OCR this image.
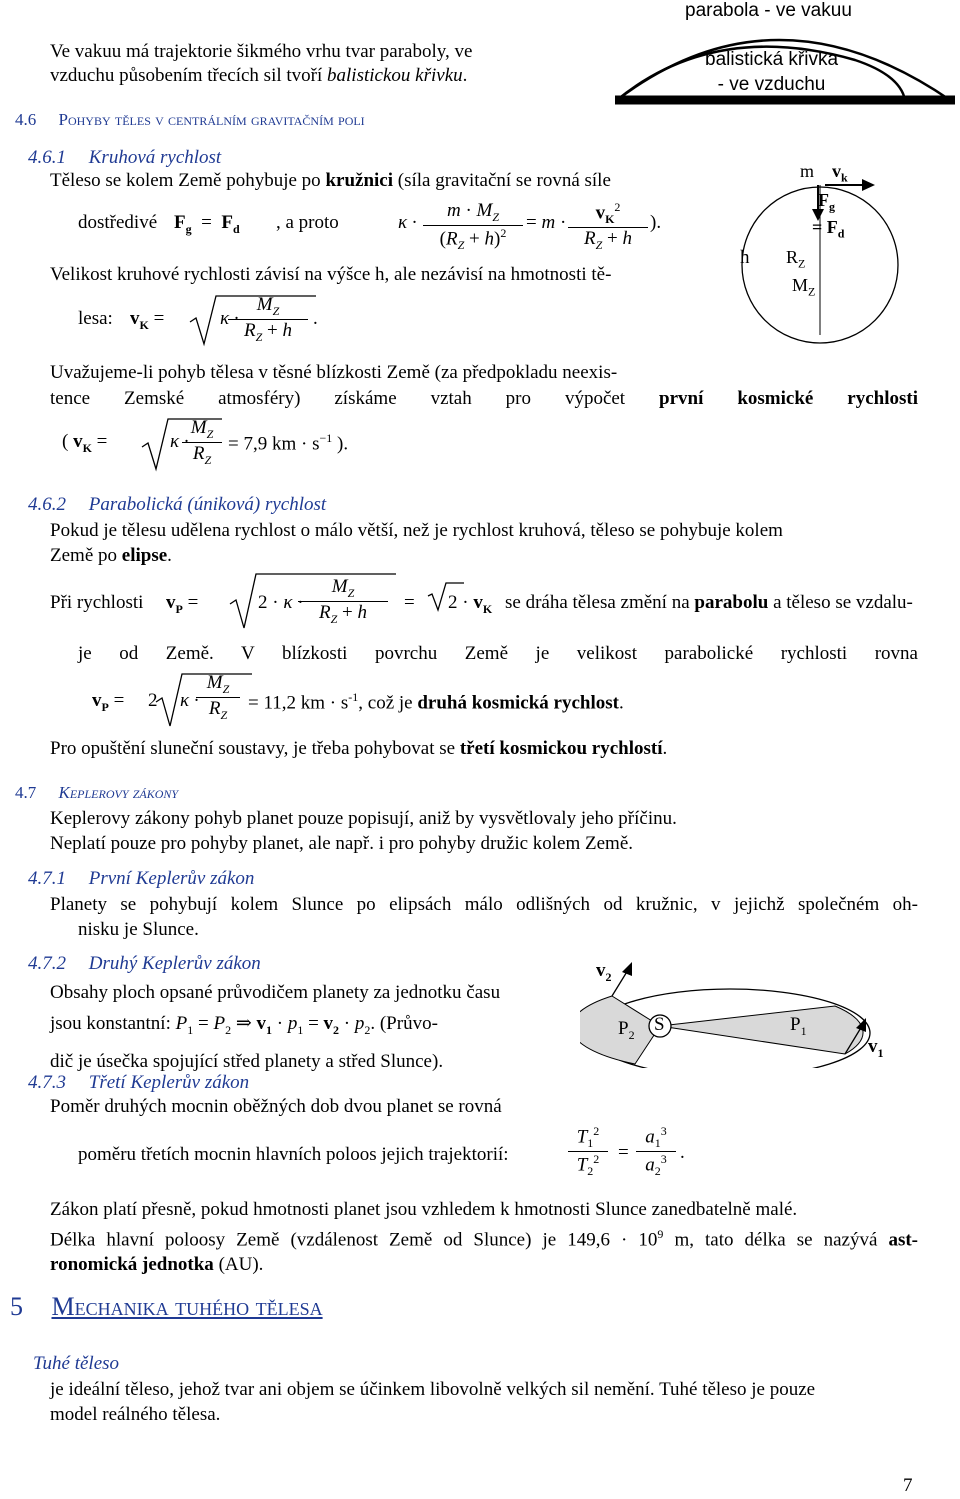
Ve vakuu má trajektorie šikmého vrhu tvar paraboly, ve
vzduchu působením třecích sil tvoří balistickou křivku.
parabola - ve vakuu
balistická křivka
- ve vzduchu
4.6 Pohyby těles v centrálním gravitačním poli
4.6.1 Kruhová rychlost
Těleso se kolem Země pohybuje po kružnici (síla gravitační se rovná síle
dostředivé $F_g = F_d$ , a proto	$\kappa \cdot \frac{m \cdot M_Z}{(R_Z + h)^2} = m \cdot \frac{v_K^2}{R_Z + h}$ ).
Velikost kruhové rychlosti závisí na výšce h, ale nezávisí na hmotnosti tě-
lesa: $v_K$ =	κ ·
$\frac{M_Z}{R_Z + h}$ .
m $v_k$
$F_g$
= $F_d$
h $R_Z$
$M_Z$
Uvažujeme-li pohyb tělesa v těsné blízkosti Země (za předpokladu neexis-
tence Zemské atmosféry) získáme vztah pro výpočet první kosmické rychlosti
( $v_K$ =	κ ·
$\frac{M_Z}{R_Z} = 7,9$ km · $s^{-1}$ ).
4.6.2 Parabolická (úniková) rychlost
Pokud je tělesu udělena rychlost o málo větší, než je rychlost kruhová, těleso se pohybuje kolem
Země po elipse.
Při rychlosti $v_P$ =	2 · κ ·
$\frac{M_Z}{R_Z + h} = 2 \cdot v_K$ se dráha tělesa změní na parabolu a těleso se vzdalu-
je od Země. V blízkosti povrchu Země je velikost parabolické rychlosti rovna
$v_P = 2$ κ ·
$\frac{M_Z}{R_Z} = 11,2$ km · $s^{-1}$, což je druhá kosmická rychlost.
Pro opuštění sluneční soustavy, je třeba pohybovat se třetí kosmickou rychlostí.
4.7 Keplerovy zákony
Keplerovy zákony pohyb planet pouze popisují, aniž by vysvětlovaly jeho příčinu.
Neplatí pouze pro pohyby planet, ale např. i pro pohyby družic kolem Země.
4.7.1 První Keplerův zákon
Planety se pohybují kolem Slunce po elipsách málo odlišných od kružnic, v jejichž společném oh-
nisku je Slunce.
4.7.2 Druhý Keplerův zákon
Obsahy ploch opsané průvodičem planety za jednotku času
jsou konstantní: $P_1 = P_2$ ⇒ $v_1 \cdot p_1 = v_2 \cdot p_2$. (Průvo-
dič je úsečka spojující střed planety a střed Slunce).
$v_2$
$P_2$ S	$P_1$
$v_1$
4.7.3 Třetí Keplerův zákon
Poměr druhých mocnin oběžných dob dvou planet se rovná
poměru třetích mocnin hlavních poloos jejich trajektorií:	$\frac{T_1^2}{T_2^2} = \frac{a_1^3}{a_2^3}$ .
Zákon platí přesně, pokud hmotnosti planet jsou vzhledem k hmotnosti Slunce zanedbatelně malé.
Délka hlavní poloosy Země (vzdálenost Země od Slunce) je $149,6 \cdot 10^9$ m, tato délka se nazývá ast-
ronomická jednotka (AU).
5 Mechanika tuhého tělesa
Tuhé těleso
je ideální těleso, jehož tvar ani objem se účinkem libovolně velkých sil nemění. Tuhé těleso je pouze
model reálného tělesa.
7
